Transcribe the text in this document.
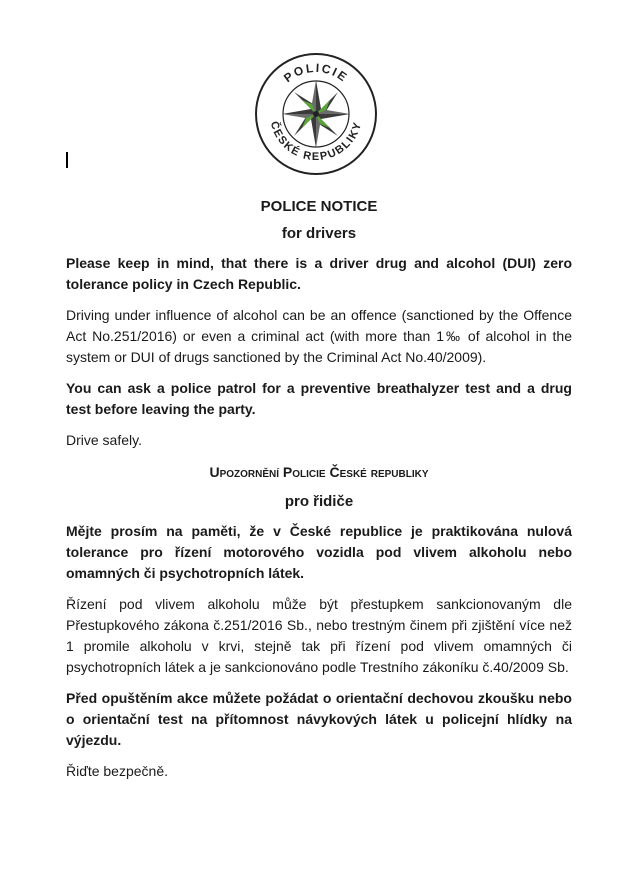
POLICIE
ČESKÉ REPUBLIKY
POLICE NOTICE
for drivers

Please keep in mind, that there is a driver drug and alcohol (DUI) zero tolerance policy in Czech Republic.

Driving under influence of alcohol can be an offence (sanctioned by the Offence Act No.251/2016) or even a criminal act (with more than 1‰ of alcohol in the system or DUI of drugs sanctioned by the Criminal Act No.40/2009).

You can ask a police patrol for a preventive breathalyzer test and a drug test before leaving the party.

Drive safely.

Upozornění Policie České republiky
pro řidiče

Mějte prosím na paměti, že v České republice je praktikována nulová tolerance pro řízení motorového vozidla pod vlivem alkoholu nebo omamných či psychotropních látek.

Řízení pod vlivem alkoholu může být přestupkem sankcionovaným dle Přestupkového zákona č.251/2016 Sb., nebo trestným činem při zjištění více než 1 promile alkoholu v krvi, stejně tak při řízení pod vlivem omamných či psychotropních látek a je sankcionováno podle Trestního zákoníku č.40/2009 Sb.

Před opuštěním akce můžete požádat o orientační dechovou zkoušku nebo o orientační test na přítomnost návykových látek u policejní hlídky na výjezdu.

Řiďte bezpečně.
